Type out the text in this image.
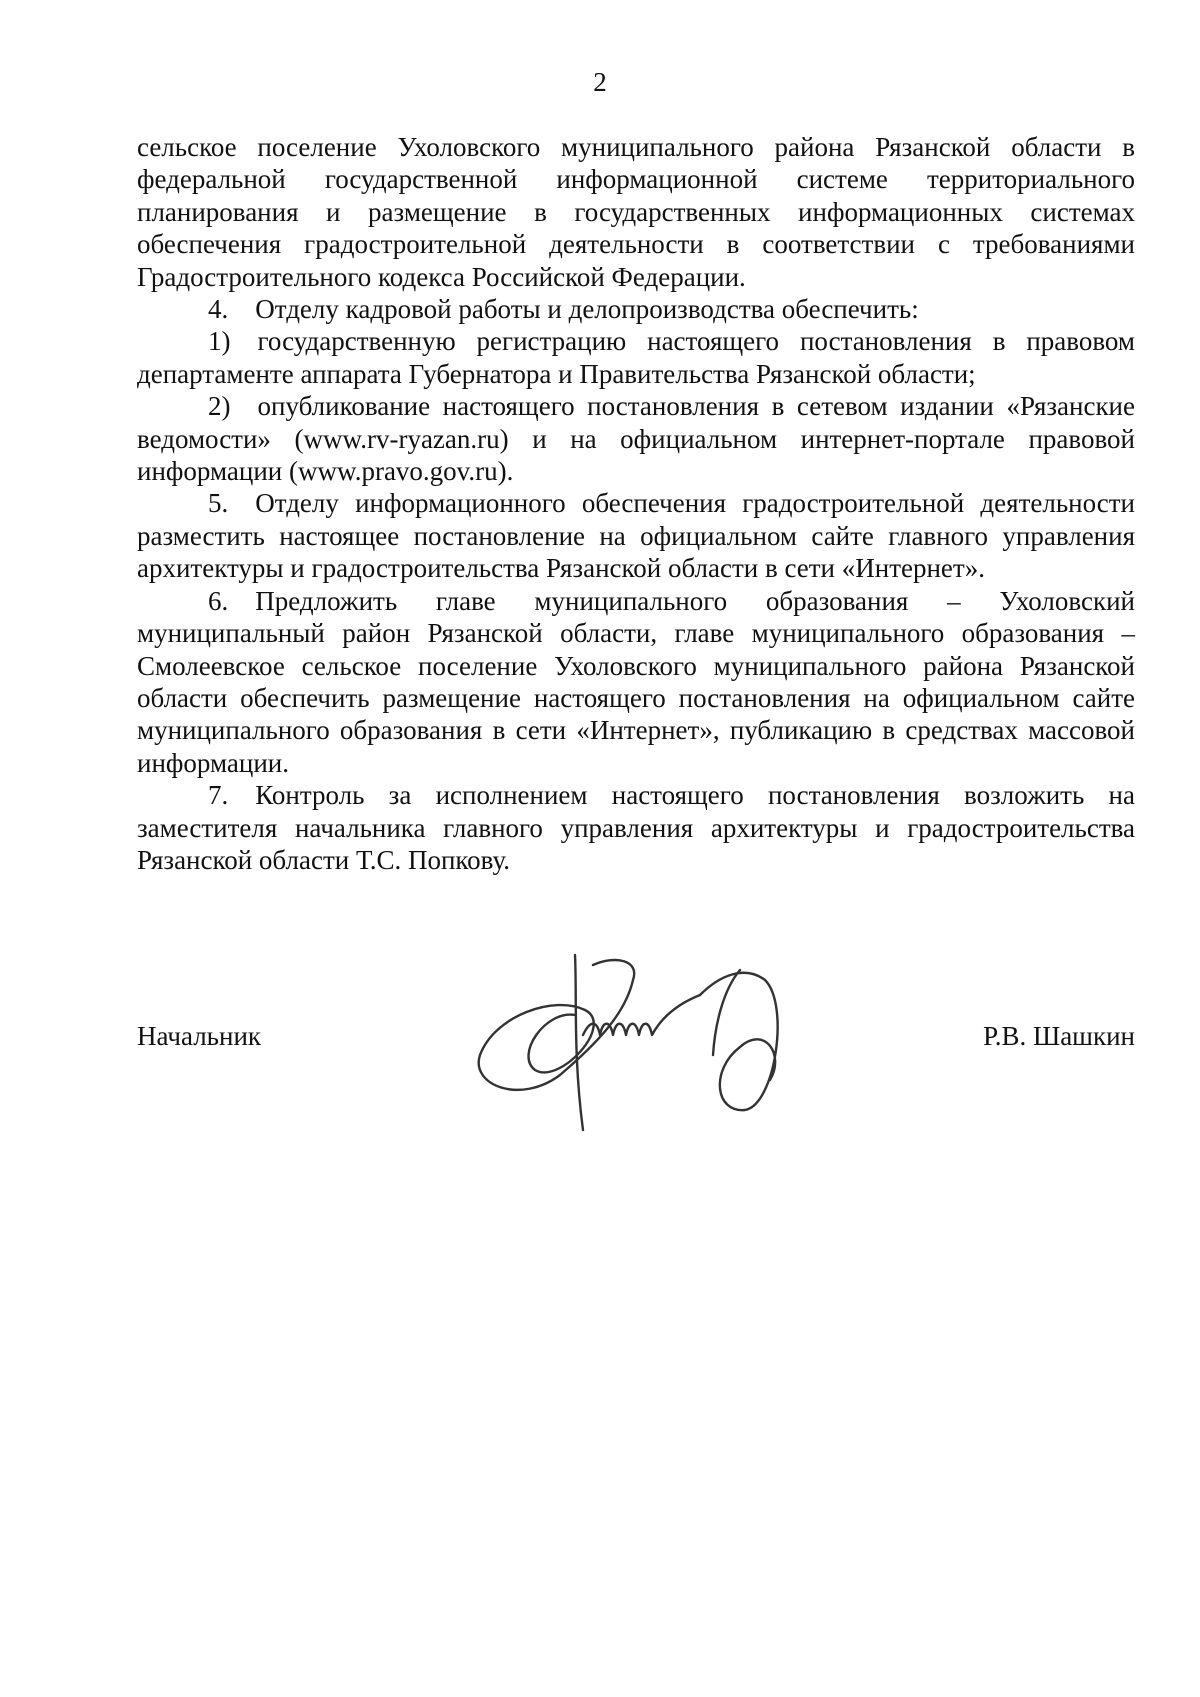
2

сельское поселение Ухоловского муниципального района Рязанской области в федеральной государственной информационной системе территориального планирования и размещение в государственных информационных системах обеспечения градостроительной деятельности в соответствии с требованиями Градостроительного кодекса Российской Федерации.

4. Отделу кадровой работы и делопроизводства обеспечить:

1) государственную регистрацию настоящего постановления в правовом департаменте аппарата Губернатора и Правительства Рязанской области;

2) опубликование настоящего постановления в сетевом издании «Рязанские ведомости» (www.rv-ryazan.ru) и на официальном интернет-портале правовой информации (www.pravo.gov.ru).

5. Отделу информационного обеспечения градостроительной деятельности разместить настоящее постановление на официальном сайте главного управления архитектуры и градостроительства Рязанской области в сети «Интернет».

6. Предложить главе муниципального образования – Ухоловский муниципальный район Рязанской области, главе муниципального образования – Смолеевское сельское поселение Ухоловского муниципального района Рязанской области обеспечить размещение настоящего постановления на официальном сайте муниципального образования в сети «Интернет», публикацию в средствах массовой информации.

7. Контроль за исполнением настоящего постановления возложить на заместителя начальника главного управления архитектуры и градостроительства Рязанской области Т.С. Попкову.

Начальник	Р.В. Шашкин
